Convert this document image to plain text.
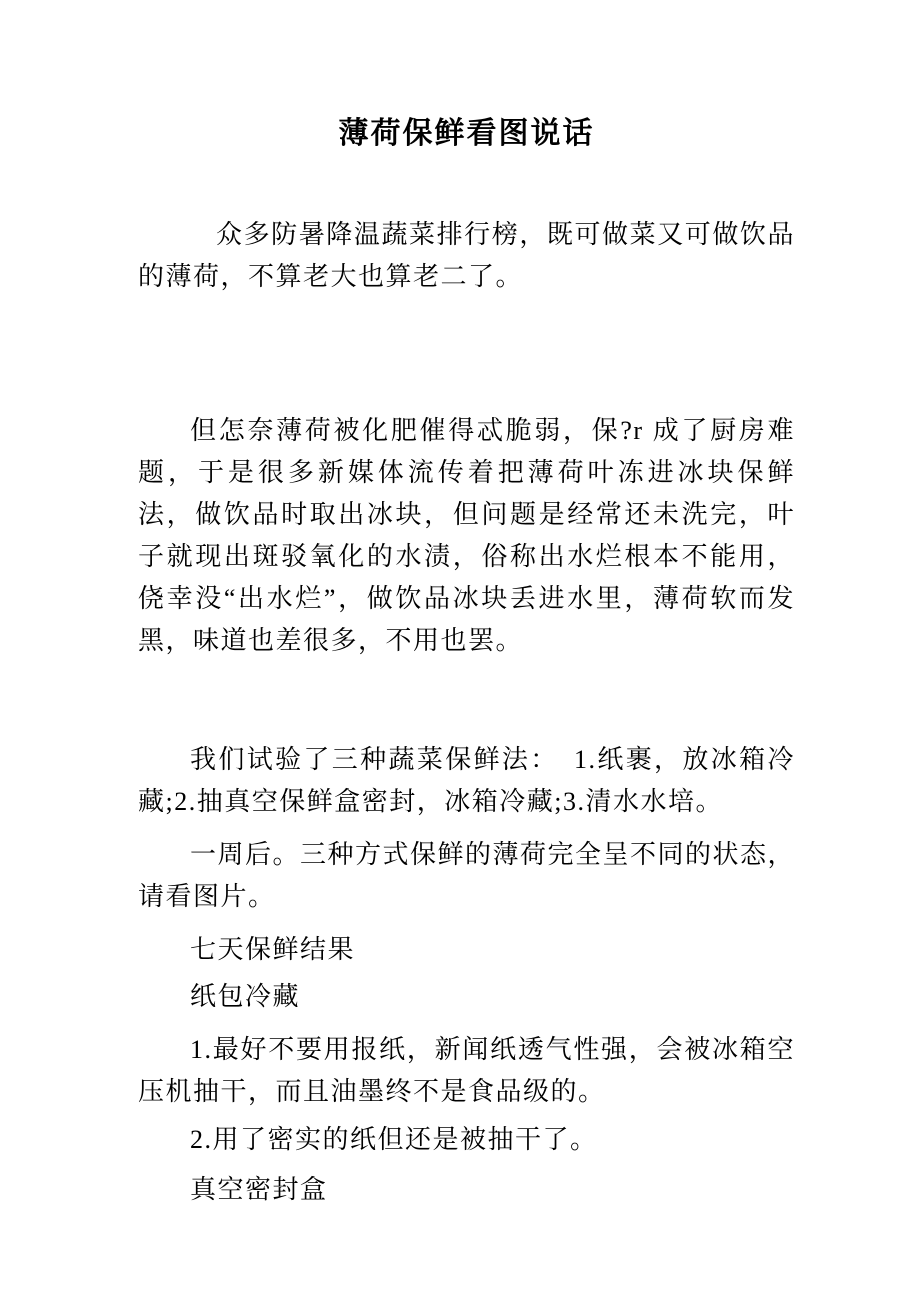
薄荷保鲜看图说话

众多防暑降温蔬菜排行榜，既可做菜又可做饮品的薄荷，不算老大也算老二了。

但怎奈薄荷被化肥催得忒脆弱，保?r 成了厨房难题，于是很多新媒体流传着把薄荷叶冻进冰块保鲜法，做饮品时取出冰块，但问题是经常还未洗完，叶子就现出斑驳氧化的水渍，俗称出水烂根本不能用，侥幸没“出水烂”，做饮品冰块丢进水里，薄荷软而发黑，味道也差很多，不用也罢。

我们试验了三种蔬菜保鲜法：　1.纸裹，放冰箱冷藏;2.抽真空保鲜盒密封，冰箱冷藏;3.清水水培。

一周后。三种方式保鲜的薄荷完全呈不同的状态，请看图片。

七天保鲜结果

纸包冷藏

1.最好不要用报纸，新闻纸透气性强，会被冰箱空压机抽干，而且油墨终不是食品级的。

2.用了密实的纸但还是被抽干了。

真空密封盒
